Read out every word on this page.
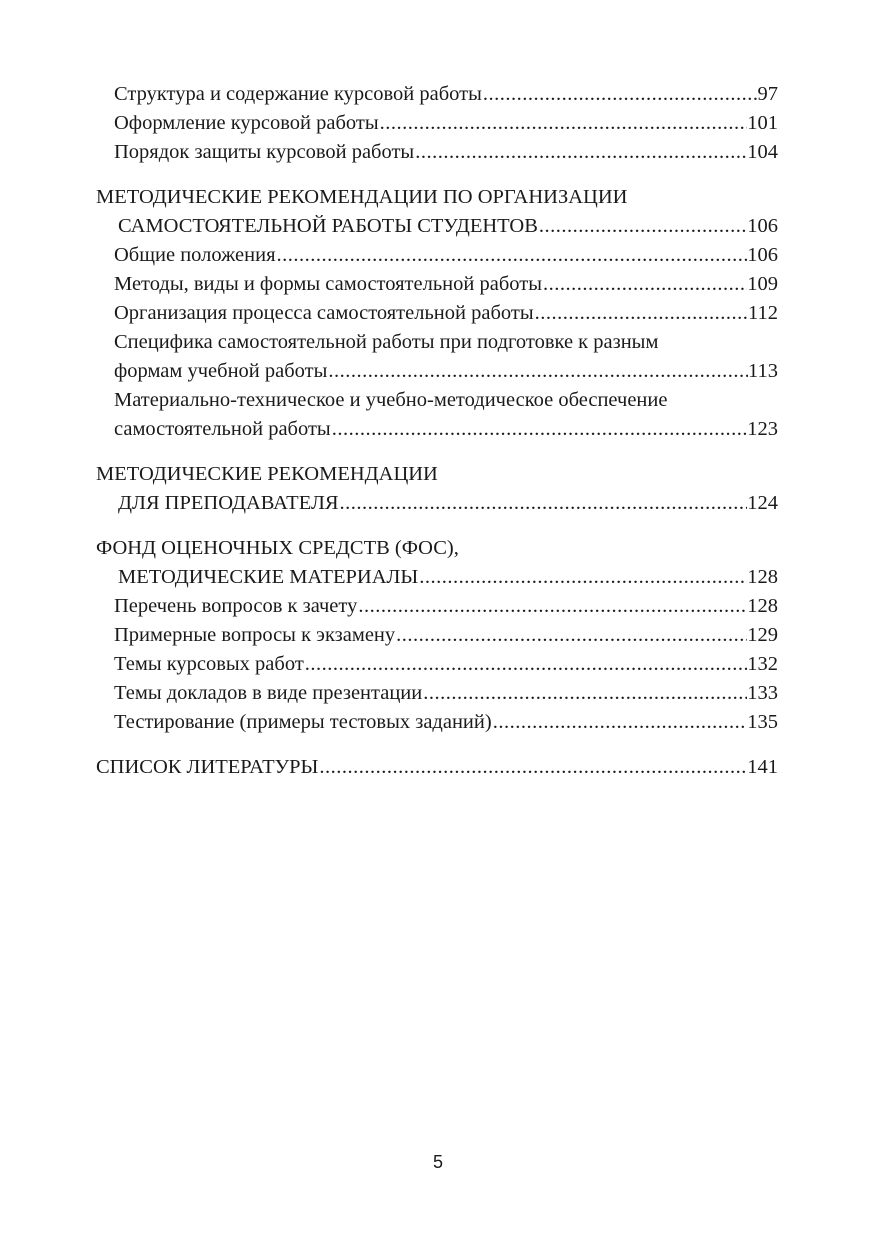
Структура и содержание курсовой работы .....	97
Оформление курсовой работы .....	101
Порядок защиты курсовой работы .....	104
МЕТОДИЧЕСКИЕ РЕКОМЕНДАЦИИ ПО ОРГАНИЗАЦИИ
САМОСТОЯТЕЛЬНОЙ РАБОТЫ СТУДЕНТОВ .....	106
Общие положения .....	106
Методы, виды и формы самостоятельной работы .....	109
Организация процесса самостоятельной работы .....	112
Специфика самостоятельной работы при подготовке к разным
формам учебной работы .....	113
Материально-техническое и учебно-методическое обеспечение
самостоятельной работы .....	123
МЕТОДИЧЕСКИЕ РЕКОМЕНДАЦИИ
ДЛЯ ПРЕПОДАВАТЕЛЯ .....	124
ФОНД ОЦЕНОЧНЫХ СРЕДСТВ (ФОС),
МЕТОДИЧЕСКИЕ МАТЕРИАЛЫ .....	128
Перечень вопросов к зачету .....	128
Примерные вопросы к экзамену .....	129
Темы курсовых работ .....	132
Темы докладов в виде презентации .....	133
Тестирование (примеры тестовых заданий) .....	135
СПИСОК ЛИТЕРАТУРЫ .....	141
5
